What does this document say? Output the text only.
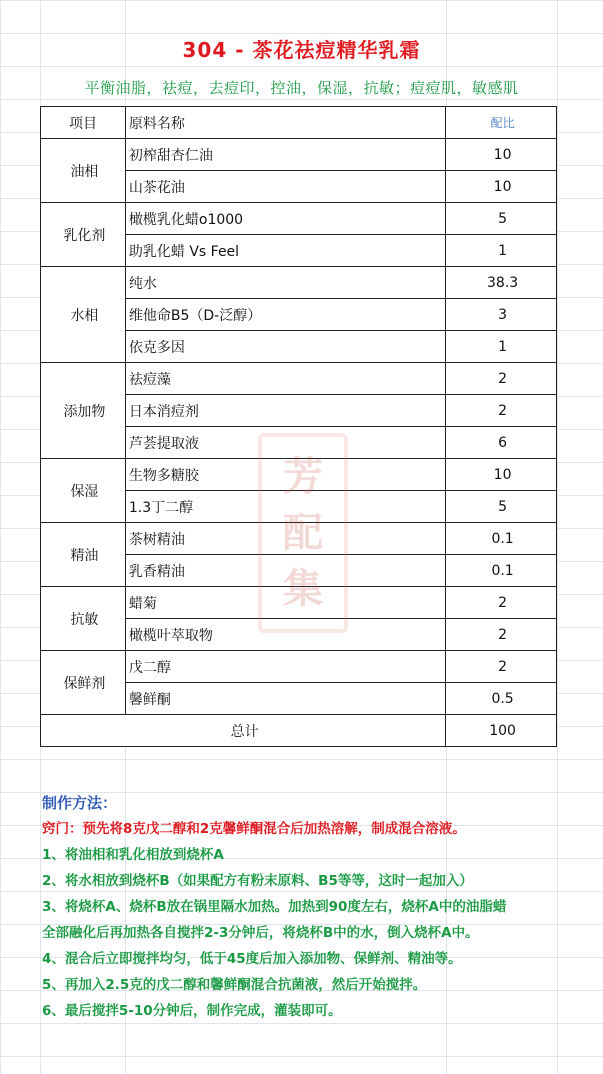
304 - 茶花祛痘精华乳霜
平衡油脂，祛痘，去痘印，控油，保湿，抗敏；痘痘肌，敏感肌
项目	原料名称	配比
油相	初榨甜杏仁油	10
	山茶花油	10
乳化剂	橄榄乳化蜡o1000	5
	助乳化蜡 Vs Feel	1
水相	纯水	38.3
	维他命B5（D-泛醇）	3
	依克多因	1
添加物	祛痘藻	2
	日本消痘剂	2
	芦荟提取液	6
保湿	生物多糖胶	10
	1.3丁二醇	5
精油	茶树精油	0.1
	乳香精油	0.1
抗敏	蜡菊	2
	橄榄叶萃取物	2
保鲜剂	戊二醇	2
	馨鲜酮	0.5
总计		100
芳
配
集
制作方法：
窍门：预先将8克戊二醇和2克馨鲜酮混合后加热溶解，制成混合溶液。
1、将油相和乳化相放到烧杯A
2、将水相放到烧杯B（如果配方有粉末原料、B5等等，这时一起加入）
3、将烧杯A、烧杯B放在锅里隔水加热。加热到90度左右，烧杯A中的油脂蜡
全部融化后再加热各自搅拌2-3分钟后，将烧杯B中的水，倒入烧杯A中。
4、混合后立即搅拌均匀，低于45度后加入添加物、保鲜剂、精油等。
5、再加入2.5克的戊二醇和馨鲜酮混合抗菌液，然后开始搅拌。
6、最后搅拌5-10分钟后，制作完成，灌装即可。
